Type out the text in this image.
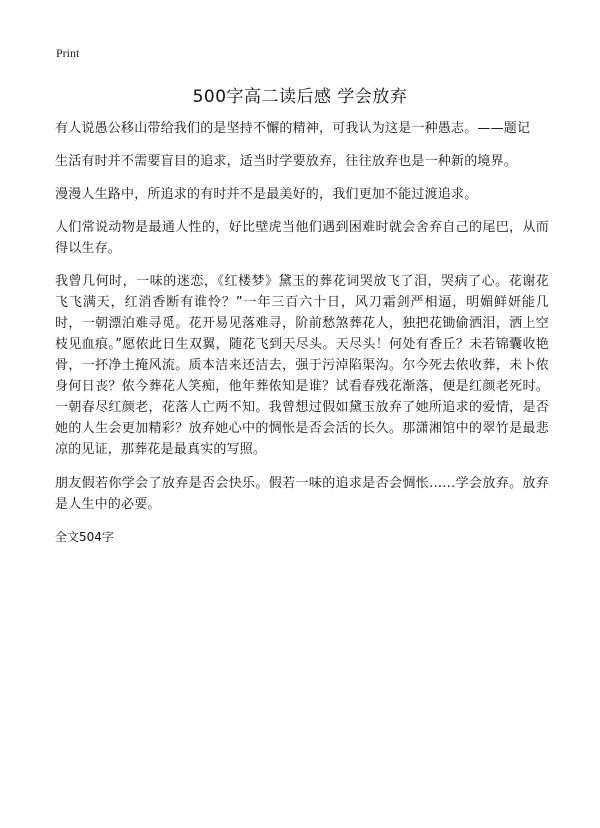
Print
500字高二读后感 学会放弃

有人说愚公移山带给我们的是坚持不懈的精神，可我认为这是一种愚志。——题记

生活有时并不需要盲目的追求，适当时学要放弃，往往放弃也是一种新的境界。

漫漫人生路中，所追求的有时并不是最美好的，我们更加不能过渡追求。

人们常说动物是最通人性的，好比壁虎当他们遇到困难时就会舍弃自己的尾巴，从而得以生存。

我曾几何时，一味的迷恋，《红楼梦》黛玉的葬花词哭放飞了泪，哭病了心。花谢花飞飞满天，红消香断有谁怜？”一年三百六十日，风刀霜剑严相逼，明媚鲜妍能几时，一朝漂泊难寻觅。花开易见落难寻，阶前愁煞葬花人，独把花锄偷洒泪，洒上空枝见血痕。”愿侬此日生双翼，随花飞到天尽头。天尽头！何处有香丘？未若锦囊收艳骨，一抔净土掩风流。质本洁来还洁去，强于污淖陷渠沟。尔今死去侬收葬，未卜侬身何日丧？侬今葬花人笑痴，他年葬侬知是谁？试看春残花渐落，便是红颜老死时。一朝春尽红颜老，花落人亡两不知。我曾想过假如黛玉放弃了她所追求的爱情，是否她的人生会更加精彩？放弃她心中的惆怅是否会活的长久。那潇湘馆中的翠竹是最悲凉的见证，那葬花是最真实的写照。

朋友假若你学会了放弃是否会快乐。假若一味的追求是否会惆怅……学会放弃。放弃是人生中的必要。

全文504字
